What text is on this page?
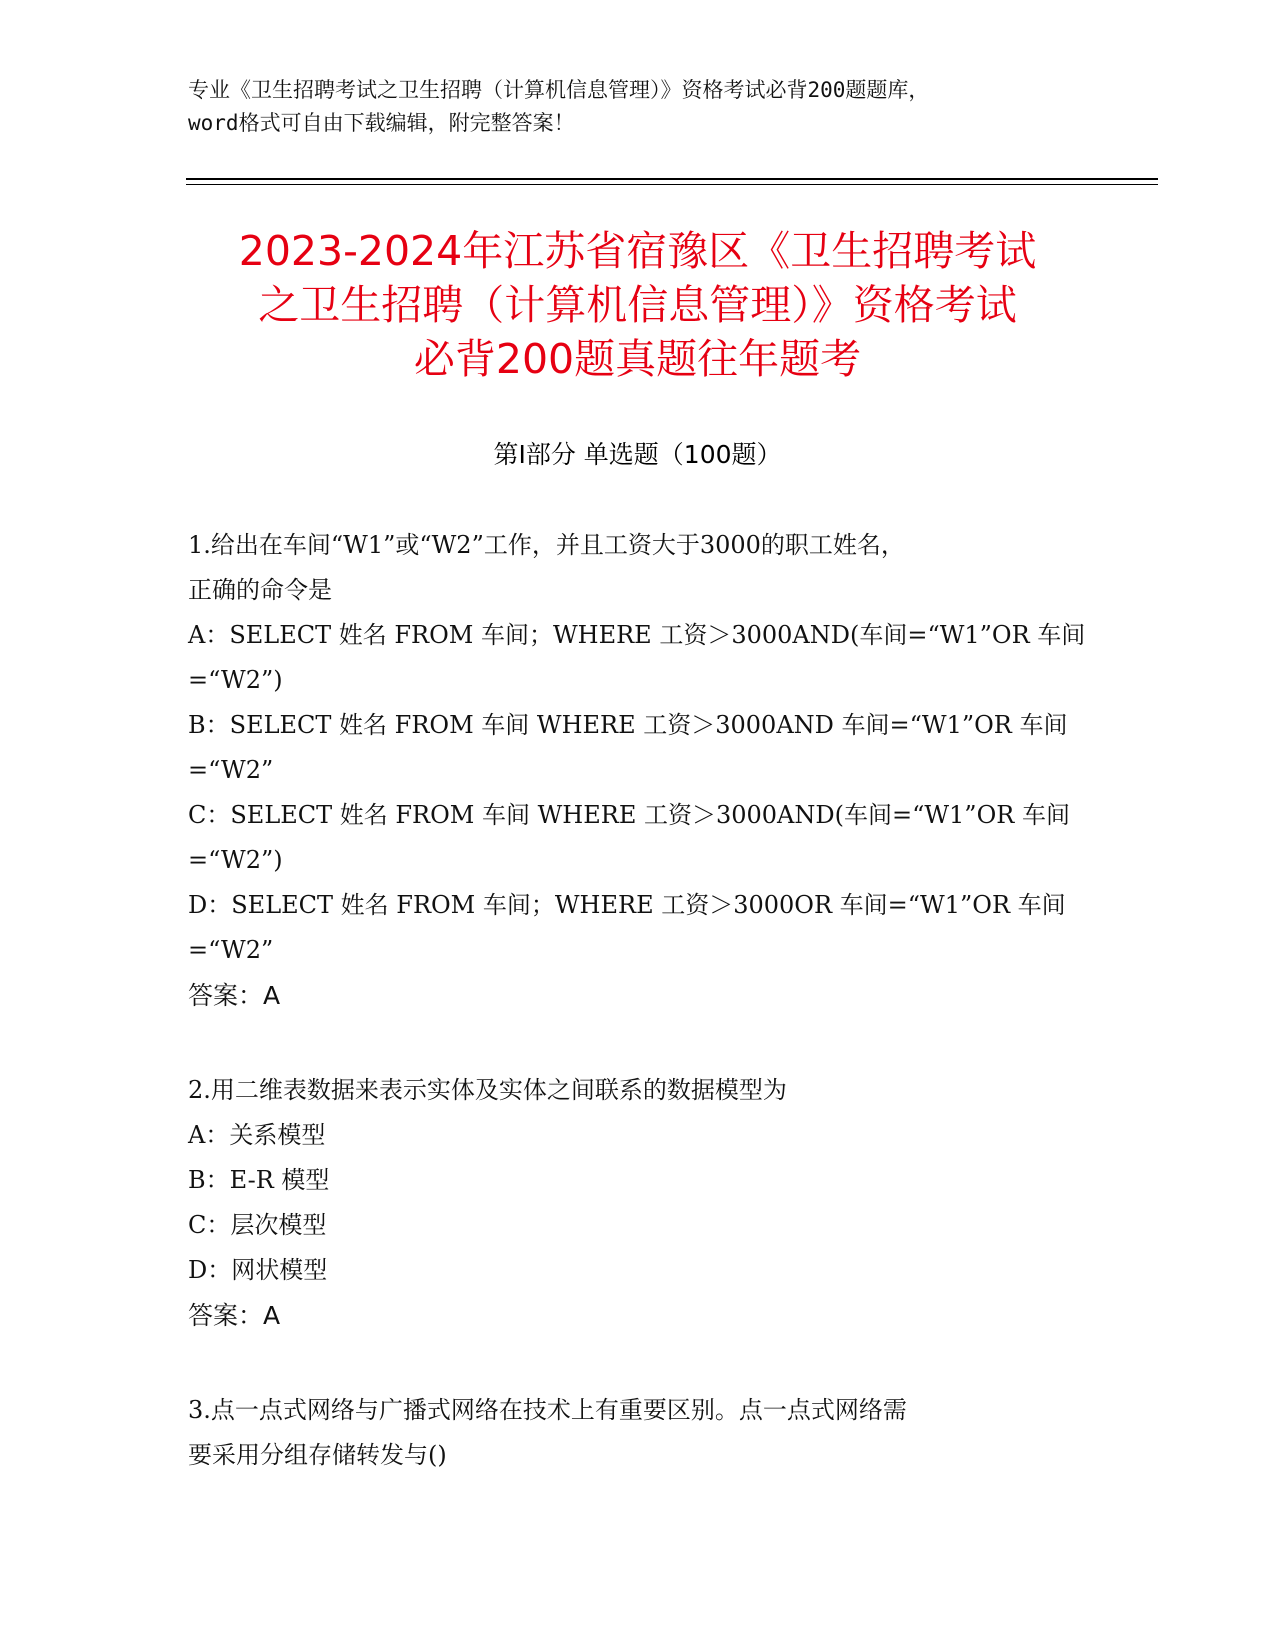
专业《卫生招聘考试之卫生招聘（计算机信息管理）》资格考试必背200题题库，
word格式可自由下载编辑，附完整答案！
2023-2024年江苏省宿豫区《卫生招聘考试
之卫生招聘（计算机信息管理）》资格考试
必背200题真题往年题考
第Ⅰ部分 单选题（100题）
1.给出在车间“W1”或“W2”工作，并且工资大于3000的职工姓名，
正确的命令是
A：SELECT 姓名 FROM 车间；WHERE 工资＞3000AND(车间=“W1”OR 车间
=“W2”)
B：SELECT 姓名 FROM 车间 WHERE 工资＞3000AND 车间=“W1”OR 车间
=“W2”
C：SELECT 姓名 FROM 车间 WHERE 工资＞3000AND(车间=“W1”OR 车间
=“W2”)
D：SELECT 姓名 FROM 车间；WHERE 工资＞3000OR 车间=“W1”OR 车间
=“W2”
答案：A
2.用二维表数据来表示实体及实体之间联系的数据模型为
A：关系模型
B：E-R 模型
C：层次模型
D：网状模型
答案：A
3.点一点式网络与广播式网络在技术上有重要区别。点一点式网络需
要采用分组存储转发与()
